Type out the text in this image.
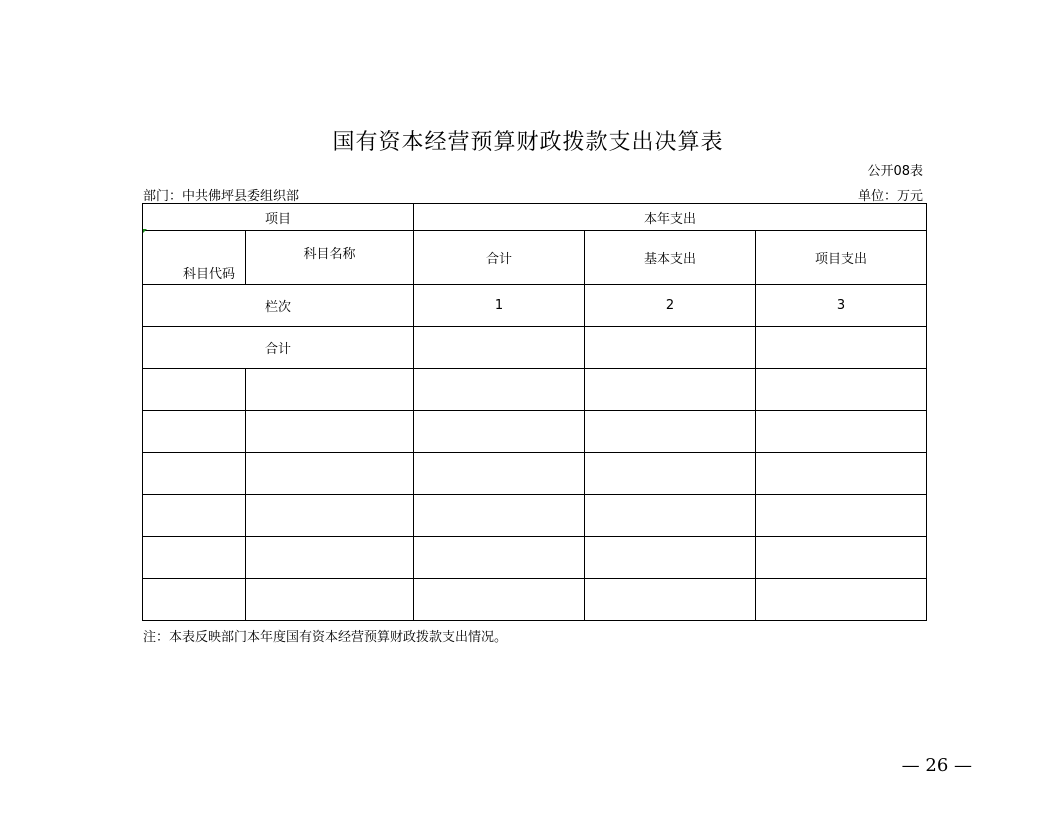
国有资本经营预算财政拨款支出决算表
公开08表
部门：中共佛坪县委组织部	单位：万元
项目		本年支出		
科目代码	科目名称	合计	基本支出	项目支出
栏次		1	2	3
合计				

注：本表反映部门本年度国有资本经营预算财政拨款支出情况。
— 26 —
